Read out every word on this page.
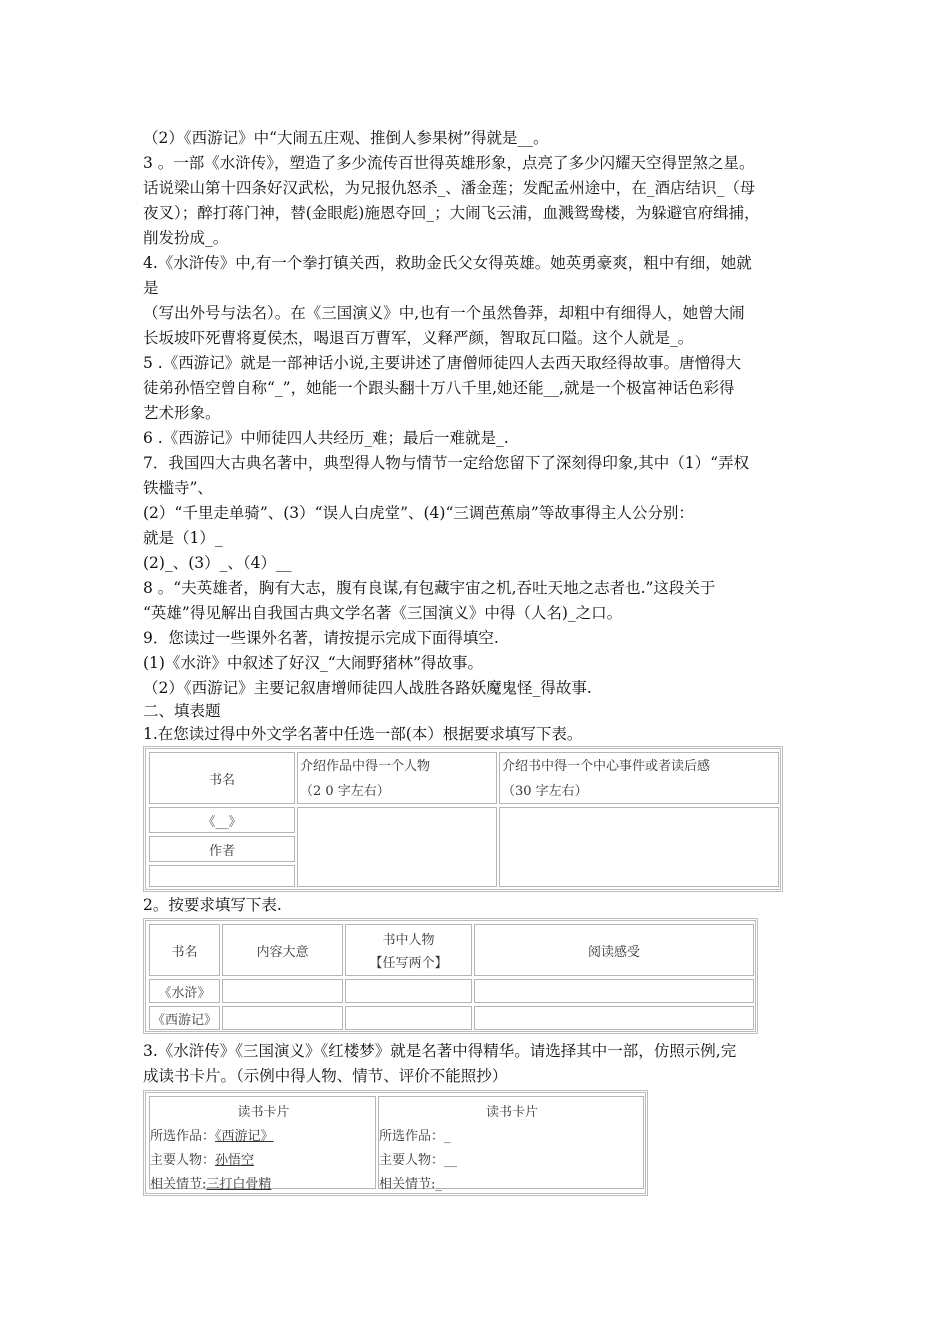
（2）《西游记》中“大闹五庄观、推倒人参果树”得就是__。
3 。一部《水浒传》，塑造了多少流传百世得英雄形象，点亮了多少闪耀天空得罡煞之星。
话说梁山第十四条好汉武松，为兄报仇怒杀_、潘金莲；发配孟州途中，在_酒店结识_（母
夜叉）；醉打蒋门神，替(金眼彪)施恩夺回_；大闹飞云浦，血溅鸳鸯楼，为躲避官府缉捕，
削发扮成_。
4.《水浒传》中,有一个拳打镇关西，救助金氏父女得英雄。她英勇豪爽，粗中有细，她就
是
（写出外号与法名）。在《三国演义》中,也有一个虽然鲁莽，却粗中有细得人，她曾大闹
长坂坡吓死曹将夏侯杰，喝退百万曹军，义释严颜，智取瓦口隘。这个人就是_。
5 .《西游记》就是一部神话小说,主要讲述了唐僧师徒四人去西天取经得故事。唐憎得大
徒弟孙悟空曾自称“_”，她能一个跟头翻十万八千里,她还能__,就是一个极富神话色彩得
艺术形象。
6 .《西游记》中师徒四人共经历_难；最后一难就是_.
7．我国四大古典名著中，典型得人物与情节一定给您留下了深刻得印象,其中（1）“弄权
铁槛寺”、
(2）“千里走单骑”、(3）“误人白虎堂”、(4)“三调芭蕉扇”等故事得主人公分别：
就是（1）_
(2)_、(3）_、（4）__
8 。“夫英雄者，胸有大志，腹有良谋,有包藏宇宙之机,吞吐天地之志者也.”这段关于
“英雄”得见解出自我国古典文学名著《三国演义》中得（人名)_之口。
9．您读过一些课外名著，请按提示完成下面得填空.
(1)《水浒》中叙述了好汉_“大闹野猪林”得故事。
（2）《西游记》主要记叙唐增师徒四人战胜各路妖魔鬼怪_得故事.
二、填表题
1.在您读过得中外文学名著中任选一部(本）根据要求填写下表。
书名
介绍作品中得一个人物
（2 0 字左右）
介绍书中得一个中心事件或者读后感
（30 字左右）
《__》
作者
2。按要求填写下表.
书名	内容大意
书中人物
【任写两个】
阅读感受
《水浒》
《西游记》
3.《水浒传》《三国演义》《红楼梦》就是名著中得精华。请选择其中一部，仿照示例,完
成读书卡片。（示例中得人物、情节、评价不能照抄）
读书卡片
所选作品：《西游记》
主要人物：孙悟空
相关情节:三打白骨精
读书卡片
所选作品：_
主要人物：__
相关情节:_
